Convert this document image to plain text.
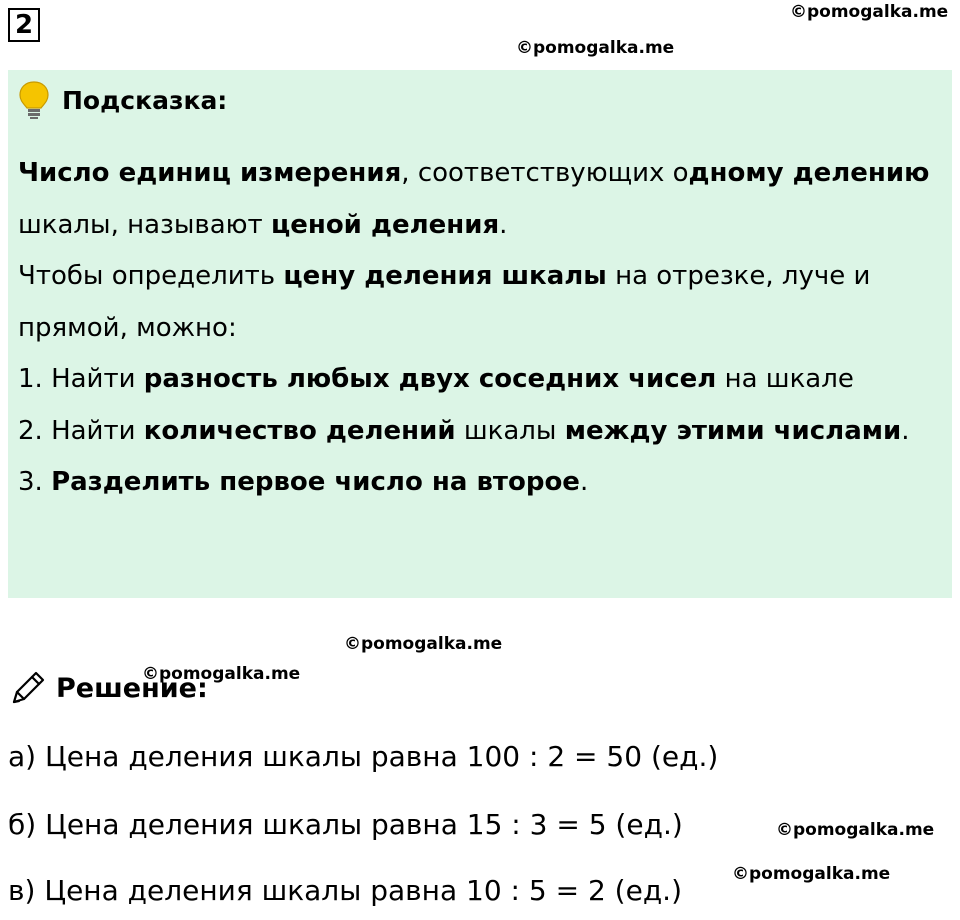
2	©pomogalka.me
©pomogalka.me
Подсказка:

Число единиц измерения, соответствующих одному делению шкалы, называют ценой деления.

Чтобы определить цену деления шкалы на отрезке, луче и прямой, можно:

1. Найти разность любых двух соседних чисел на шкале

2. Найти количество делений шкалы между этими числами.

3. Разделить первое число на второе.

©pomogalka.me
©pomogalka.me
Решение:
а) Цена деления шкалы равна 100 : 2 = 50 (ед.)
б) Цена деления шкалы равна 15 : 3 = 5 (ед.)	©pomogalka.me
©pomogalka.me
в) Цена деления шкалы равна 10 : 5 = 2 (ед.)
